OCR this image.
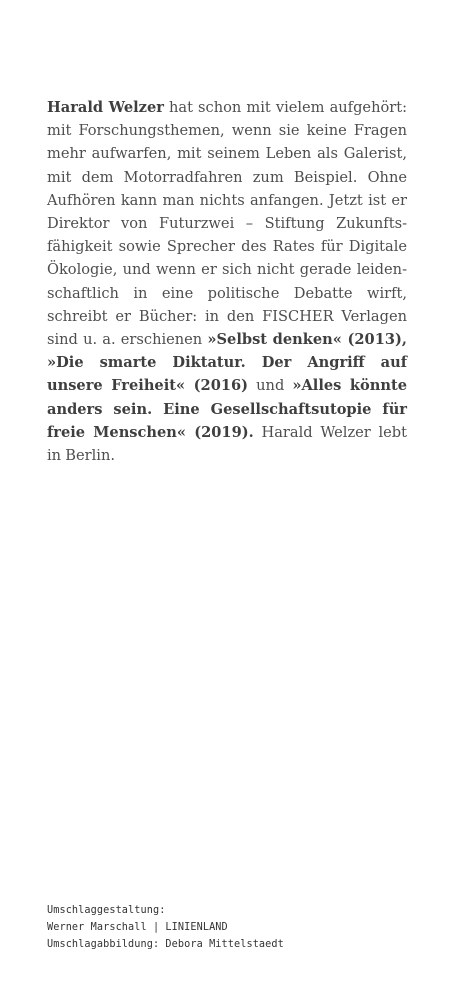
Harald Welzer hat schon mit vielem aufgehört: mit Forschungsthemen, wenn sie keine Fragen mehr aufwarfen, mit seinem Leben als Galerist, mit dem Motorradfahren zum Beispiel. Ohne Aufhören kann man nichts anfangen. Jetzt ist er Direktor von Futurzwei – Stiftung Zukunftsfähigkeit sowie Sprecher des Rates für Digitale Ökologie, und wenn er sich nicht gerade leidenschaftlich in eine politische Debatte wirft, schreibt er Bücher: in den FISCHER Verlagen sind u. a. erschienen »Selbst denken« (2013), »Die smarte Diktatur. Der Angriff auf unsere Freiheit« (2016) und »Alles könnte anders sein. Eine Gesellschaftsutopie für freie Menschen« (2019). Harald Welzer lebt in Berlin.

Umschlaggestaltung:
Werner Marschall | LINIENLAND
Umschlagabbildung: Debora Mittelstaedt
